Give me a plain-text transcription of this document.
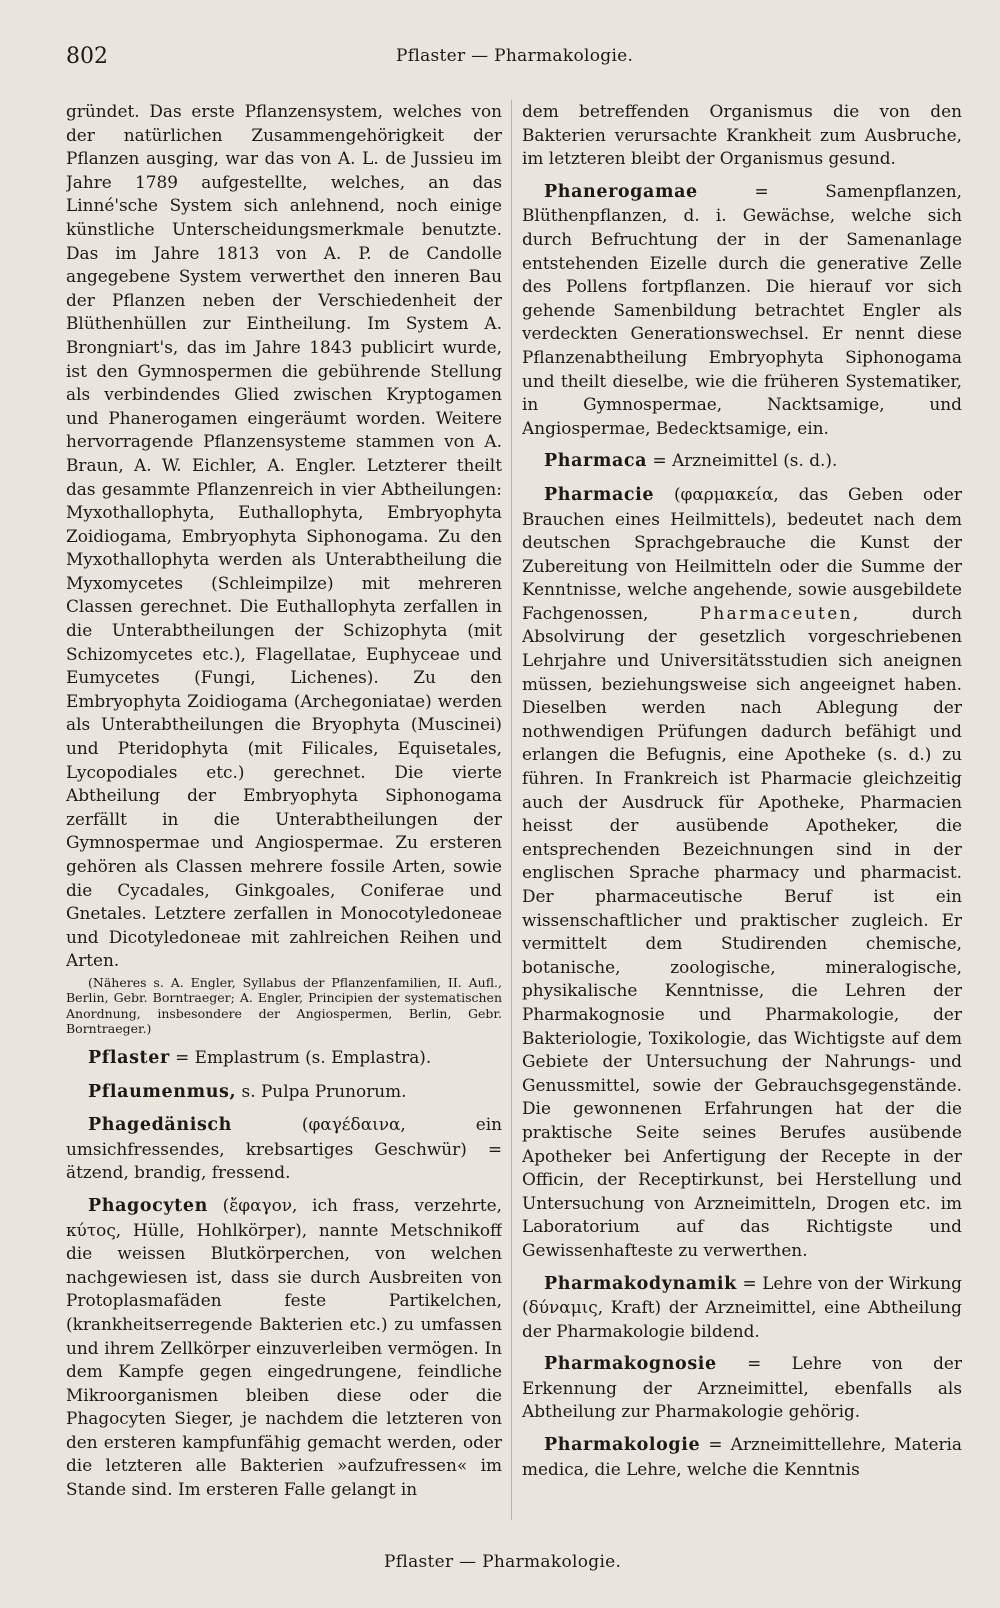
802	Pflaster — Pharmakologie.

gründet. Das erste Pflanzensystem, welches von der natürlichen Zusammengehörigkeit der Pflanzen ausging, war das von A. L. de Jussieu im Jahre 1789 aufgestellte, welches, an das Linné'sche System sich anlehnend, noch einige künstliche Unterscheidungsmerkmale benutzte. Das im Jahre 1813 von A. P. de Candolle angegebene System verwerthet den inneren Bau der Pflanzen neben der Verschiedenheit der Blüthenhüllen zur Eintheilung. Im System A. Brongniart's, das im Jahre 1843 publicirt wurde, ist den Gymnospermen die gebührende Stellung als verbindendes Glied zwischen Kryptogamen und Phanerogamen eingeräumt worden. Weitere hervorragende Pflanzensysteme stammen von A. Braun, A. W. Eichler, A. Engler. Letzterer theilt das gesammte Pflanzenreich in vier Abtheilungen: Myxothallophyta, Euthallophyta, Embryophyta Zoidiogama, Embryophyta Siphonogama. Zu den Myxothallophyta werden als Unterabtheilung die Myxomycetes (Schleimpilze) mit mehreren Classen gerechnet. Die Euthallophyta zerfallen in die Unterabtheilungen der Schizophyta (mit Schizomycetes etc.), Flagellatae, Euphyceae und Eumycetes (Fungi, Lichenes). Zu den Embryophyta Zoidiogama (Archegoniatae) werden als Unterabtheilungen die Bryophyta (Muscinei) und Pteridophyta (mit Filicales, Equisetales, Lycopodiales etc.) gerechnet. Die vierte Abtheilung der Embryophyta Siphonogama zerfällt in die Unterabtheilungen der Gymnospermae und Angiospermae. Zu ersteren gehören als Classen mehrere fossile Arten, sowie die Cycadales, Ginkgoales, Coniferae und Gnetales. Letztere zerfallen in Monocotyledoneae und Dicotyledoneae mit zahlreichen Reihen und Arten.

(Näheres s. A. Engler, Syllabus der Pflanzenfamilien, II. Aufl., Berlin, Gebr. Borntraeger; A. Engler, Principien der systematischen Anordnung, insbesondere der Angiospermen, Berlin, Gebr. Borntraeger.)

Pflaster = Emplastrum (s. Emplastra).

Pflaumenmus, s. Pulpa Prunorum.

Phagedänisch (φαγέδαινα, ein umsichfressendes, krebsartiges Geschwür) = ätzend, brandig, fressend.

Phagocyten (ἔφαγον, ich frass, verzehrte, κύτος, Hülle, Hohlkörper), nannte Metschnikoff die weissen Blutkörperchen, von welchen nachgewiesen ist, dass sie durch Ausbreiten von Protoplasmafäden feste Partikelchen, (krankheitserregende Bakterien etc.) zu umfassen und ihrem Zellkörper einzuverleiben vermögen. In dem Kampfe gegen eingedrungene, feindliche Mikroorganismen bleiben diese oder die Phagocyten Sieger, je nachdem die letzteren von den ersteren kampfunfähig gemacht werden, oder die letzteren alle Bakterien »aufzufressen« im Stande sind. Im ersteren Falle gelangt in

dem betreffenden Organismus die von den Bakterien verursachte Krankheit zum Ausbruche, im letzteren bleibt der Organismus gesund.

Phanerogamae = Samenpflanzen, Blüthenpflanzen, d. i. Gewächse, welche sich durch Befruchtung der in der Samenanlage entstehenden Eizelle durch die generative Zelle des Pollens fortpflanzen. Die hierauf vor sich gehende Samenbildung betrachtet Engler als verdeckten Generationswechsel. Er nennt diese Pflanzenabtheilung Embryophyta Siphonogama und theilt dieselbe, wie die früheren Systematiker, in Gymnospermae, Nacktsamige, und Angiospermae, Bedecktsamige, ein.

Pharmaca = Arzneimittel (s. d.).

Pharmacie (φαρμακεία, das Geben oder Brauchen eines Heilmittels), bedeutet nach dem deutschen Sprachgebrauche die Kunst der Zubereitung von Heilmitteln oder die Summe der Kenntnisse, welche angehende, sowie ausgebildete Fachgenossen, Pharmaceuten, durch Absolvirung der gesetzlich vorgeschriebenen Lehrjahre und Universitätsstudien sich aneignen müssen, beziehungsweise sich angeeignet haben. Dieselben werden nach Ablegung der nothwendigen Prüfungen dadurch befähigt und erlangen die Befugnis, eine Apotheke (s. d.) zu führen. In Frankreich ist Pharmacie gleichzeitig auch der Ausdruck für Apotheke, Pharmacien heisst der ausübende Apotheker, die entsprechenden Bezeichnungen sind in der englischen Sprache pharmacy und pharmacist. Der pharmaceutische Beruf ist ein wissenschaftlicher und praktischer zugleich. Er vermittelt dem Studirenden chemische, botanische, zoologische, mineralogische, physikalische Kenntnisse, die Lehren der Pharmakognosie und Pharmakologie, der Bakteriologie, Toxikologie, das Wichtigste auf dem Gebiete der Untersuchung der Nahrungs- und Genussmittel, sowie der Gebrauchsgegenstände. Die gewonnenen Erfahrungen hat der die praktische Seite seines Berufes ausübende Apotheker bei Anfertigung der Recepte in der Officin, der Receptirkunst, bei Herstellung und Untersuchung von Arzneimitteln, Drogen etc. im Laboratorium auf das Richtigste und Gewissenhafteste zu verwerthen.

Pharmakodynamik = Lehre von der Wirkung (δύναμις, Kraft) der Arzneimittel, eine Abtheilung der Pharmakologie bildend.

Pharmakognosie = Lehre von der Erkennung der Arzneimittel, ebenfalls als Abtheilung zur Pharmakologie gehörig.

Pharmakologie = Arzneimittellehre, Materia medica, die Lehre, welche die Kenntnis

Pflaster — Pharmakologie.
